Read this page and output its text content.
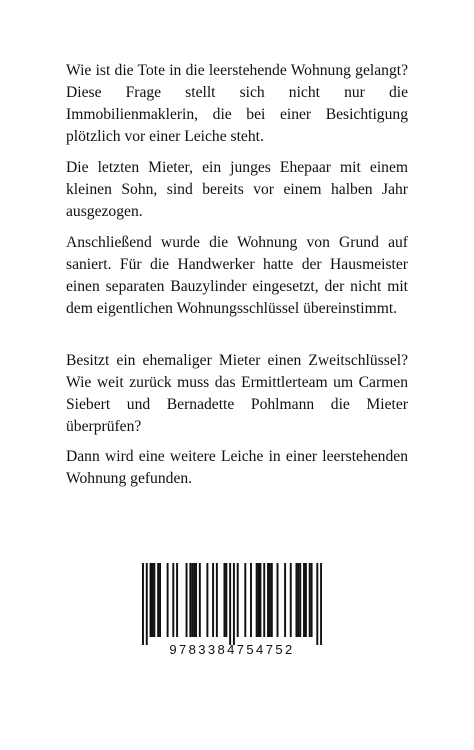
Wie ist die Tote in die leerstehende Wohnung gelangt? Diese Frage stellt sich nicht nur die Immobilienmaklerin, die bei einer Besichtigung plötzlich vor einer Leiche steht.

Die letzten Mieter, ein junges Ehepaar mit einem kleinen Sohn, sind bereits vor einem halben Jahr ausgezogen.

Anschließend wurde die Wohnung von Grund auf saniert. Für die Handwerker hatte der Hausmeister einen separaten Bauzylinder eingesetzt, der nicht mit dem eigentlichen Wohnungsschlüssel übereinstimmt.

Besitzt ein ehemaliger Mieter einen Zweitschlüssel? Wie weit zurück muss das Ermittlerteam um Carmen Siebert und Bernadette Pohlmann die Mieter überprüfen?

Dann wird eine weitere Leiche in einer leerstehenden Wohnung gefunden.

9783384754752
